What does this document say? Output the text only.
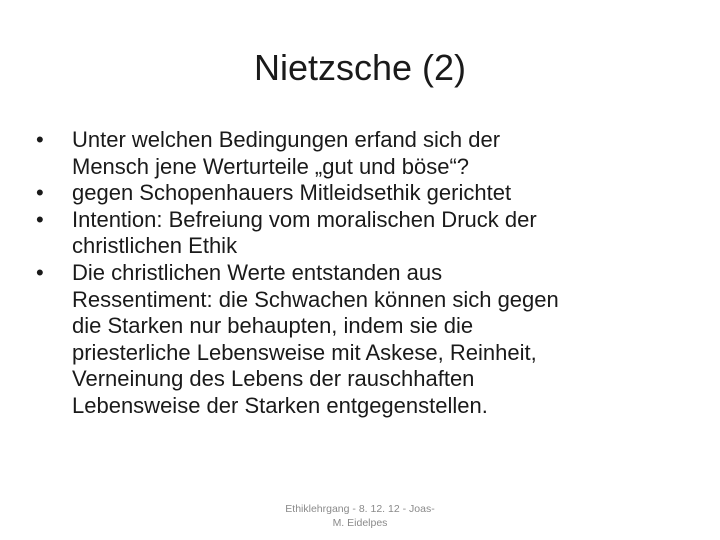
Nietzsche (2)
•	Unter welchen Bedingungen erfand sich der
Mensch jene Werturteile „gut und böse“?
•	gegen Schopenhauers Mitleidsethik gerichtet
•	Intention: Befreiung vom moralischen Druck der
christlichen Ethik
•	Die christlichen Werte entstanden aus
Ressentiment: die Schwachen können sich gegen
die Starken nur behaupten, indem sie die
priesterliche Lebensweise mit Askese, Reinheit,
Verneinung des Lebens der rauschhaften
Lebensweise der Starken entgegenstellen.
Ethiklehrgang - 8. 12. 12 - Joas-
M. Eidelpes
